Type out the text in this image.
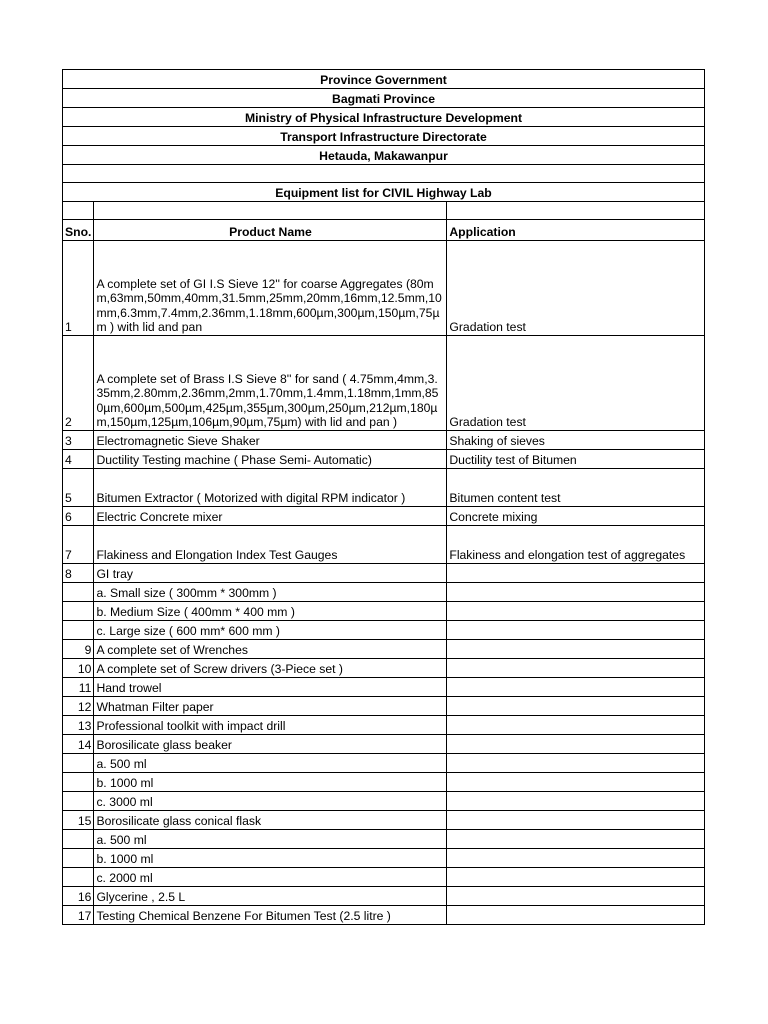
Province Government		
Bagmati Province		
Ministry of Physical Infrastructure Development		
Transport Infrastructure Directorate		
Hetauda, Makawanpur		

Equipment list for CIVIL Highway Lab		

Sno.	Product Name	Application
1	A complete set of GI I.S Sieve 12'' for coarse Aggregates (80mm,63mm,50mm,40mm,31.5mm,25mm,20mm,16mm,12.5mm,10mm,6.3mm,7.4mm,2.36mm,1.18mm,600µm,300µm,150µm,75µm ) with lid and pan	Gradation test
2	A complete set of Brass I.S Sieve 8'' for sand ( 4.75mm,4mm,3.35mm,2.80mm,2.36mm,2mm,1.70mm,1.4mm,1.18mm,1mm,850µm,600µm,500µm,425µm,355µm,300µm,250µm,212µm,180µm,150µm,125µm,106µm,90µm,75µm) with lid and pan )	Gradation test
3	Electromagnetic Sieve Shaker	Shaking of sieves
4	Ductility Testing machine ( Phase Semi- Automatic)	Ductility test of Bitumen
5	Bitumen Extractor ( Motorized with digital RPM indicator )	Bitumen content test
6	Electric Concrete mixer	Concrete mixing
7	Flakiness and Elongation Index Test Gauges	Flakiness and elongation test of aggregates
8	GI tray	
	a. Small size ( 300mm * 300mm )	
	b. Medium Size ( 400mm * 400 mm )	
	c. Large size ( 600 mm* 600 mm )	
9	A complete set of Wrenches	
10	A complete set of Screw drivers (3-Piece set )	
11	Hand trowel	
12	Whatman Filter paper	
13	Professional toolkit with impact drill	
14	Borosilicate glass beaker	
	a. 500 ml	
	b. 1000 ml	
	c. 3000 ml	
15	Borosilicate glass conical flask	
	a. 500 ml	
	b. 1000 ml	
	c. 2000 ml	
16	Glycerine , 2.5 L	
17	Testing Chemical Benzene For Bitumen Test (2.5 litre )	
